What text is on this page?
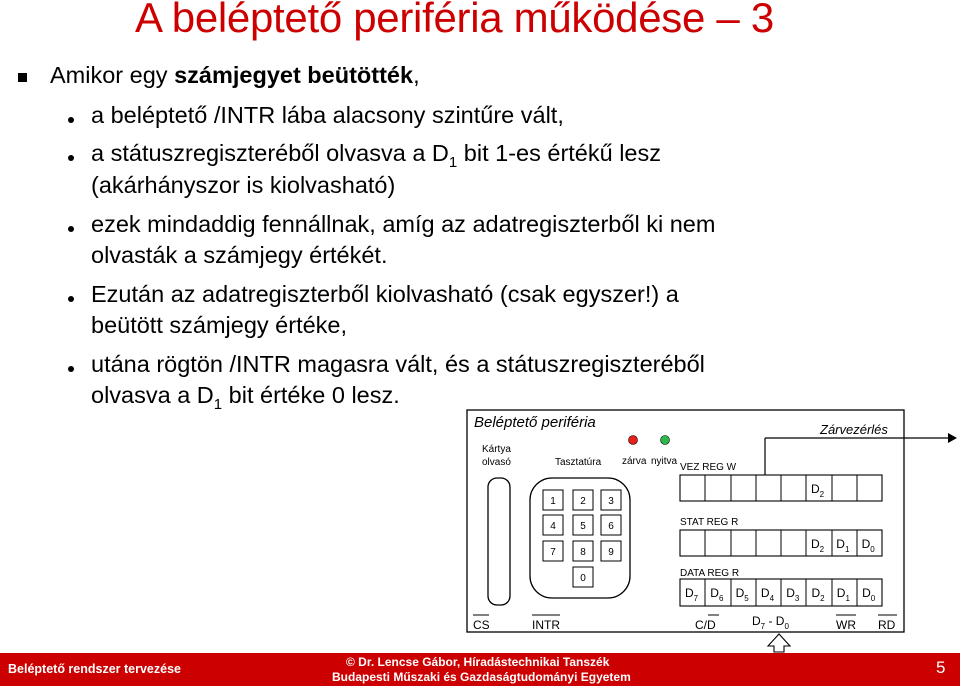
A beléptető periféria működése – 3
Amikor egy számjegyet beütötték,
a beléptető /INTR lába alacsony szintűre vált,
a státuszregiszteréből olvasva a $D_1$ bit 1-es értékű lesz
(akárhányszor is kiolvasható)
ezek mindaddig fennállnak, amíg az adatregiszterből ki nem
olvasták a számjegy értékét.
Ezután az adatregiszterből kiolvasható (csak egyszer!) a
beütött számjegy értéke,
utána rögtön /INTR magasra vált, és a státuszregiszteréből
olvasva a $D_1$ bit értéke 0 lesz.
Beléptető periféria	Zárvezérlés
Kártya
olvasó	Tasztatúra
1 2 3
4 5 6
7 8 9
0
zárva nyitva
VEZ REG W
$D_2$
STAT REG R
$D_2$ $D_1$ $D_0$
DATA REG R
$D_7$ $D_6$ $D_5$ $D_4$ $D_3$ $D_2$ $D_1$ $D_0$
CS	INTR	C/D	$D_7 - D_0$	WR RD
Beléptető rendszer tervezése	© Dr. Lencse Gábor, Híradástechnikai Tanszék
Budapesti Műszaki és Gazdaságtudományi Egyetem	5
